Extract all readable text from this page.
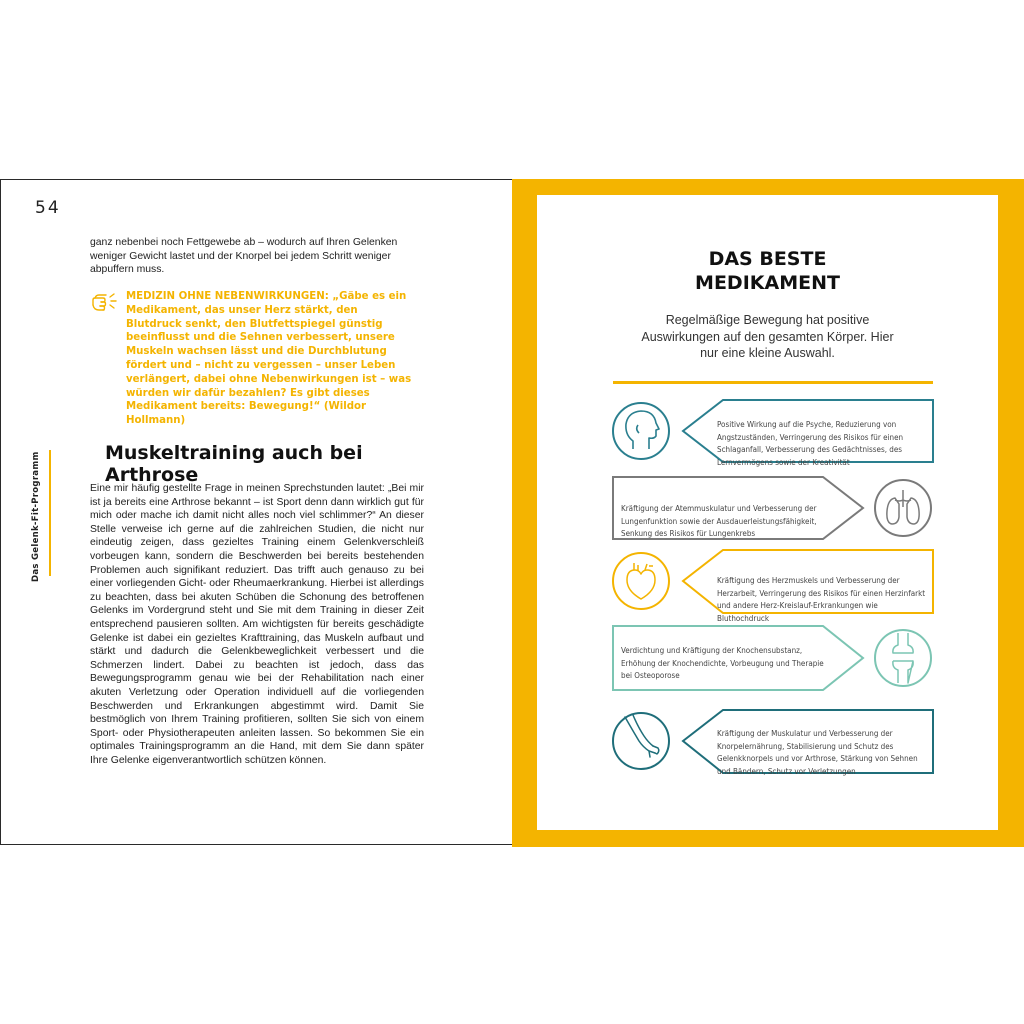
54
Das Gelenk-Fit-Programm

ganz nebenbei noch Fettgewebe ab – wodurch auf Ihren Gelenken weniger Gewicht lastet und der Knorpel bei jedem Schritt weniger abpuffern muss.

MEDIZIN OHNE NEBENWIRKUNGEN: „Gäbe es ein Medikament, das unser Herz stärkt, den Blutdruck senkt, den Blutfettspiegel günstig beeinflusst und die Sehnen verbessert, unsere Muskeln wachsen lässt und die Durchblutung fördert und – nicht zu vergessen – unser Leben verlängert, dabei ohne Nebenwirkungen ist – was würden wir dafür bezahlen? Es gibt dieses Medikament bereits: Bewegung!“ (Wildor Hollmann)

Muskeltraining auch bei Arthrose

Eine mir häufig gestellte Frage in meinen Sprechstunden lautet: „Bei mir ist ja bereits eine Arthrose bekannt – ist Sport denn dann wirklich gut für mich oder mache ich damit nicht alles noch viel schlimmer?“ An dieser Stelle verweise ich gerne auf die zahlreichen Studien, die nicht nur eindeutig zeigen, dass gezieltes Training einem Gelenkverschleiß vorbeugen kann, sondern die Beschwerden bei bereits bestehenden Problemen auch signifikant reduziert. Das trifft auch genauso zu bei einer vorliegenden Gicht- oder Rheumaerkrankung. Hierbei ist allerdings zu beachten, dass bei akuten Schüben die Schonung des betroffenen Gelenks im Vordergrund steht und Sie mit dem Training in dieser Zeit entsprechend pausieren sollten. Am wichtigsten für bereits geschädigte Gelenke ist dabei ein gezieltes Krafttraining, das Muskeln aufbaut und stärkt und dadurch die Gelenkbeweglichkeit verbessert und die Schmerzen lindert. Dabei zu beachten ist jedoch, dass das Bewegungsprogramm genau wie bei der Rehabilitation nach einer akuten Verletzung oder Operation individuell auf die vorliegenden Beschwerden und Erkrankungen abgestimmt wird. Damit Sie bestmöglich von Ihrem Training profitieren, sollten Sie sich von einem Sport- oder Physiotherapeuten anleiten lassen. So bekommen Sie ein optimales Trainingsprogramm an die Hand, mit dem Sie dann später Ihre Gelenke eigenverantwortlich schützen können.

DAS BESTE
MEDIKAMENT
Regelmäßige Bewegung hat positive Auswirkungen auf den gesamten Körper. Hier nur eine kleine Auswahl.
Positive Wirkung auf die Psyche, Reduzierung von Angstzuständen, Verringerung des Risikos für einen Schlaganfall, Verbesserung des Gedächtnisses, des Lernvermögens sowie der Kreativität
Kräftigung der Atemmuskulatur und Verbesserung der Lungenfunktion sowie der Ausdauerleistungsfähigkeit, Senkung des Risikos für Lungenkrebs
Kräftigung des Herzmuskels und Verbesserung der Herzarbeit, Verringerung des Risikos für einen Herzinfarkt und andere Herz-Kreislauf-Erkrankungen wie Bluthochdruck
Verdichtung und Kräftigung der Knochensubstanz, Erhöhung der Knochendichte, Vorbeugung und Therapie bei Osteoporose
Kräftigung der Muskulatur und Verbesserung der Knorpelernährung, Stabilisierung und Schutz des Gelenkknorpels und vor Arthrose, Stärkung von Sehnen und Bändern, Schutz vor Verletzungen
